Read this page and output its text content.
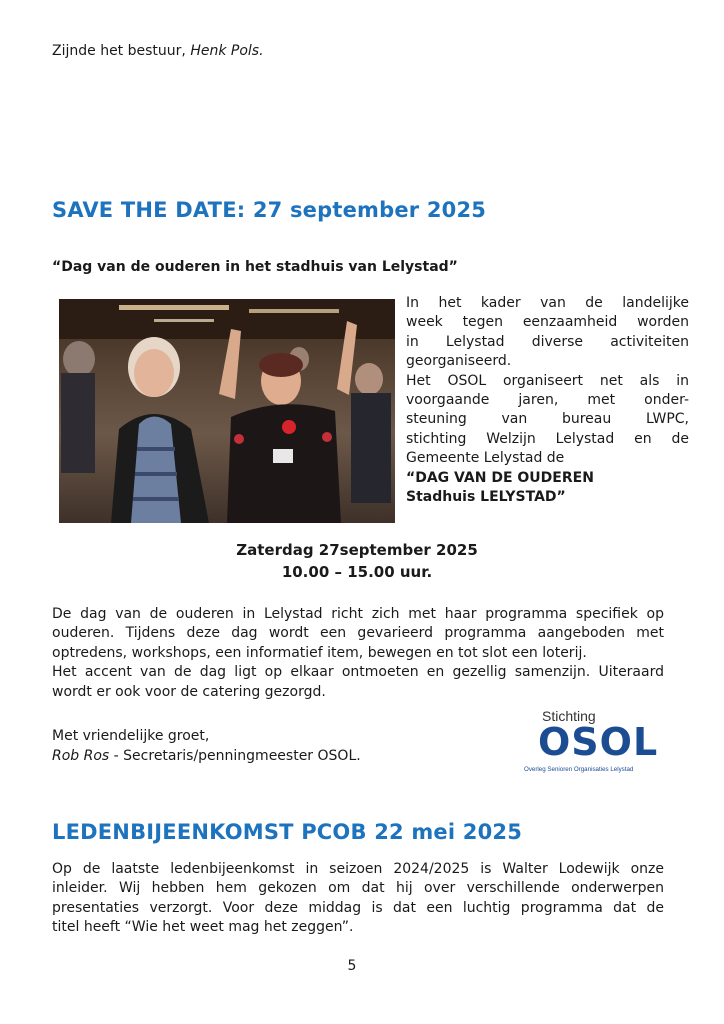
Zijnde het bestuur, Henk Pols.
SAVE THE DATE: 27 september 2025
“Dag van de ouderen in het stadhuis van Lelystad”
In het kader van de landelijke
week tegen eenzaamheid worden
in Lelystad diverse activiteiten
georganiseerd.
Het OSOL organiseert net als in
voorgaande jaren, met onder-
steuning van bureau LWPC,
stichting Welzijn Lelystad en de
Gemeente Lelystad de
“DAG VAN DE OUDEREN
Stadhuis LELYSTAD”
Zaterdag 27september 2025
10.00 – 15.00 uur.
De dag van de ouderen in Lelystad richt zich met haar programma specifiek op
ouderen. Tijdens deze dag wordt een gevarieerd programma aangeboden met
optredens, workshops, een informatief item, bewegen en tot slot een loterij.
Het accent van de dag ligt op elkaar ontmoeten en gezellig samenzijn. Uiteraard
wordt er ook voor de catering gezorgd.
Met vriendelijke groet,
Rob Ros - Secretaris/penningmeester OSOL.
Stichting
OSOL
Overleg Senioren Organisaties Lelystad
LEDENBIJEENKOMST PCOB 22 mei 2025
Op de laatste ledenbijeenkomst in seizoen 2024/2025 is Walter Lodewijk onze
inleider. Wij hebben hem gekozen om dat hij over verschillende onderwerpen
presentaties verzorgt. Voor deze middag is dat een luchtig programma dat de
titel heeft “Wie het weet mag het zeggen”.
5
